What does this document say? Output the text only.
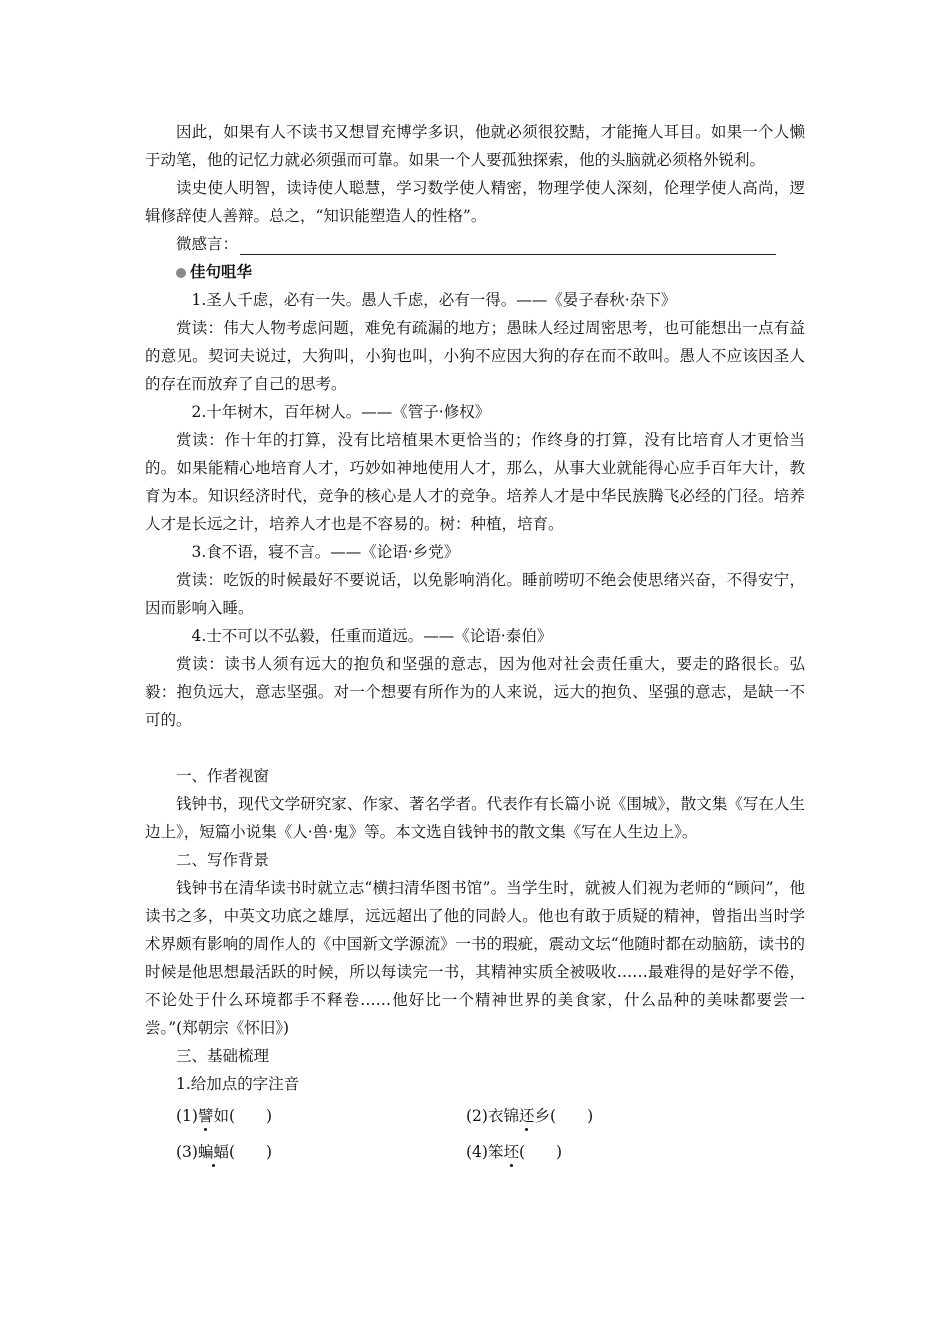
因此，如果有人不读书又想冒充博学多识，他就必须很狡黠，才能掩人耳目。如果一个人懒于动笔，他的记忆力就必须强而可靠。如果一个人要孤独探索，他的头脑就必须格外锐利。

读史使人明智，读诗使人聪慧，学习数学使人精密，物理学使人深刻，伦理学使人高尚，逻辑修辞使人善辩。总之，“知识能塑造人的性格”。

微感言：

佳句咀华

1.圣人千虑，必有一失。愚人千虑，必有一得。——《晏子春秋·杂下》

赏读：伟大人物考虑问题，难免有疏漏的地方；愚昧人经过周密思考，也可能想出一点有益的意见。契诃夫说过，大狗叫，小狗也叫，小狗不应因大狗的存在而不敢叫。愚人不应该因圣人的存在而放弃了自己的思考。

2.十年树木，百年树人。——《管子·修权》

赏读：作十年的打算，没有比培植果木更恰当的；作终身的打算，没有比培育人才更恰当的。如果能精心地培育人才，巧妙如神地使用人才，那么，从事大业就能得心应手百年大计，教育为本。知识经济时代，竞争的核心是人才的竞争。培养人才是中华民族腾飞必经的门径。培养人才是长远之计，培养人才也是不容易的。树：种植，培育。

3.食不语，寝不言。——《论语·乡党》

赏读：吃饭的时候最好不要说话，以免影响消化。睡前唠叨不绝会使思绪兴奋，不得安宁，因而影响入睡。

4.士不可以不弘毅，任重而道远。——《论语·泰伯》

赏读：读书人须有远大的抱负和坚强的意志，因为他对社会责任重大，要走的路很长。弘毅：抱负远大，意志坚强。对一个想要有所作为的人来说，远大的抱负、坚强的意志，是缺一不可的。

一、作者视窗

钱钟书，现代文学研究家、作家、著名学者。代表作有长篇小说《围城》，散文集《写在人生边上》，短篇小说集《人·兽·鬼》等。本文选自钱钟书的散文集《写在人生边上》。

二、写作背景

钱钟书在清华读书时就立志“横扫清华图书馆”。当学生时，就被人们视为老师的“顾问”，他读书之多，中英文功底之雄厚，远远超出了他的同龄人。他也有敢于质疑的精神，曾指出当时学术界颇有影响的周作人的《中国新文学源流》一书的瑕疵，震动文坛“他随时都在动脑筋，读书的时候是他思想最活跃的时候，所以每读完一书，其精神实质全被吸收……最难得的是好学不倦，不论处于什么环境都手不释卷……他好比一个精神世界的美食家，什么品种的美味都要尝一尝。”(郑朝宗《怀旧》)

三、基础梳理

1.给加点的字注音

(1)譬如(　　)	(2)衣锦还乡(　　)
(3)蝙蝠(　　)	(4)笨坯(　　)
